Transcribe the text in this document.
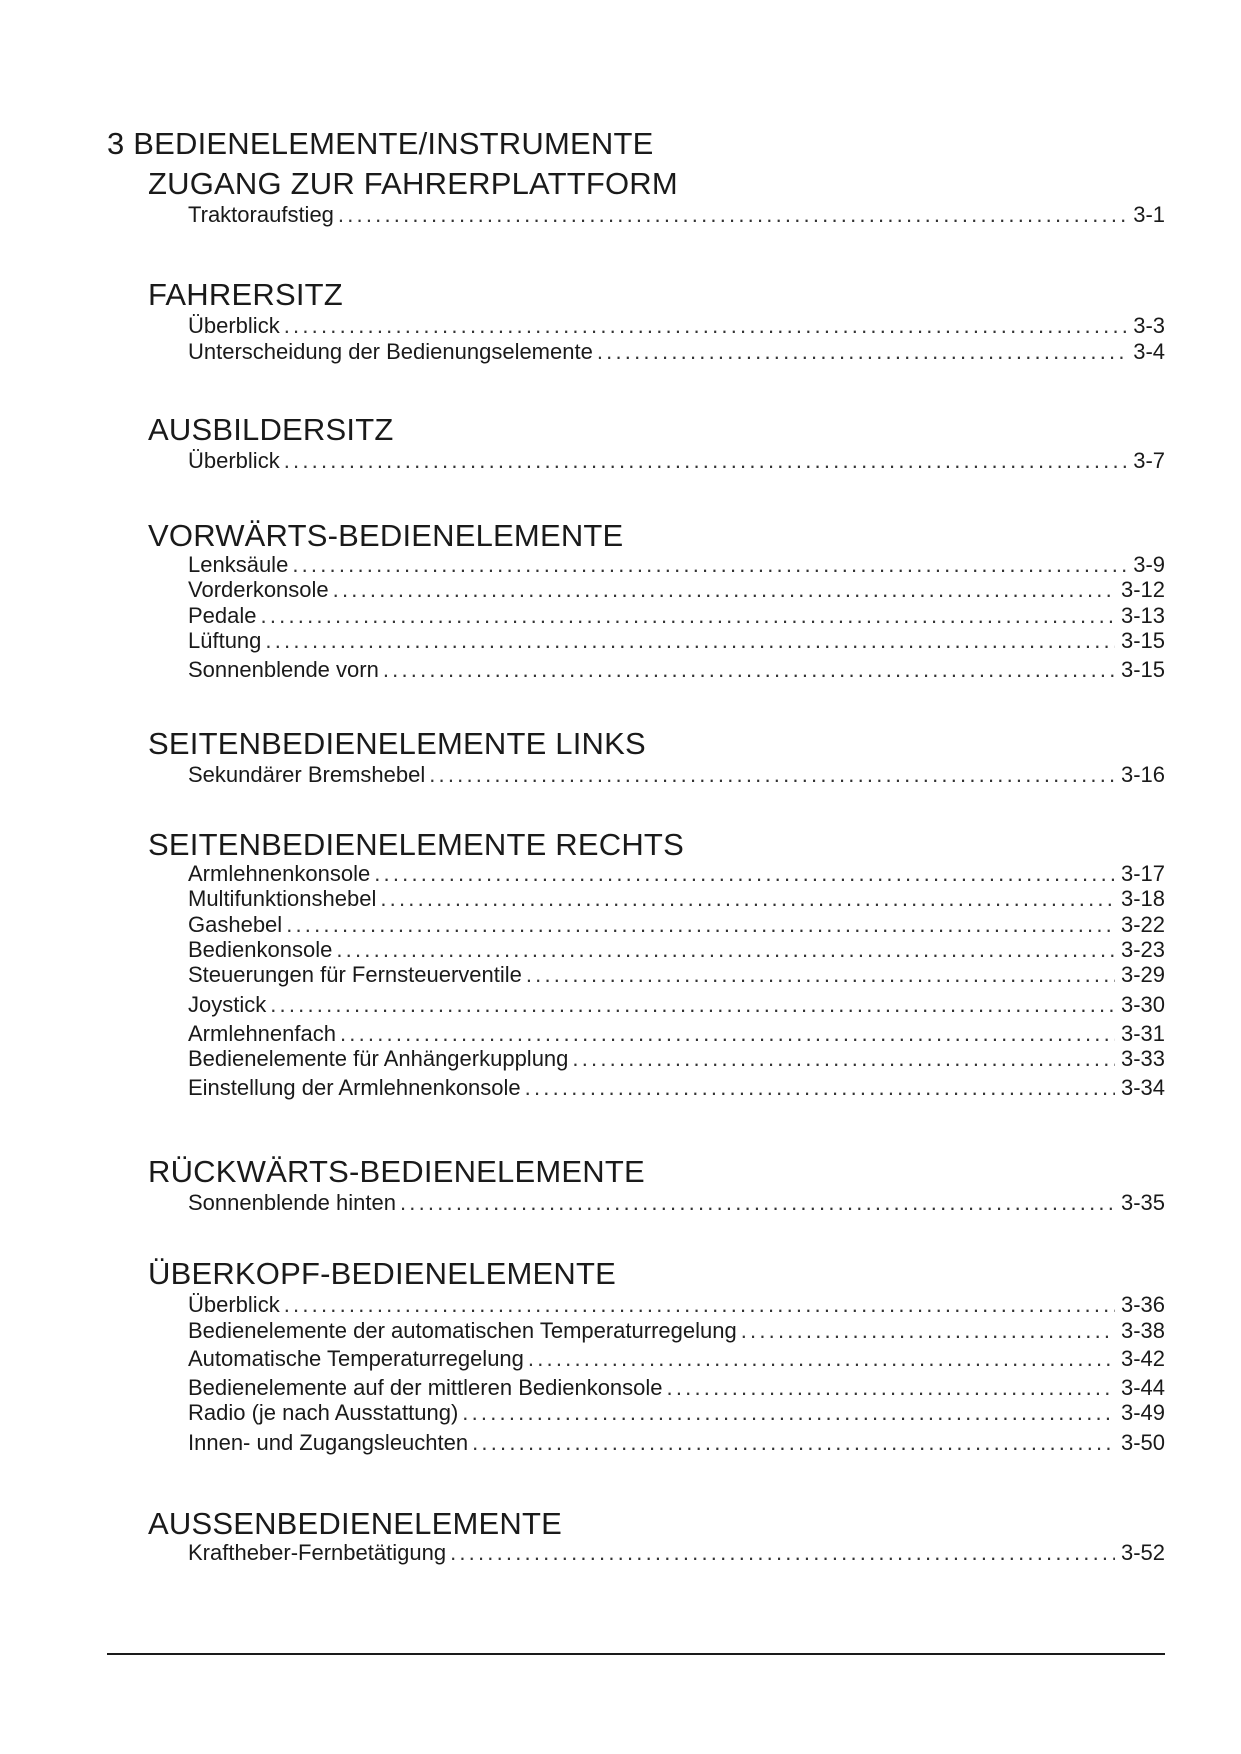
3 BEDIENELEMENTE/INSTRUMENTE
ZUGANG ZUR FAHRERPLATTFORM
Traktoraufstieg .....	3-1
FAHRERSITZ
Überblick .....	3-3
Unterscheidung der Bedienungselemente .....	3-4
AUSBILDERSITZ
Überblick .....	3-7
VORWÄRTS-BEDIENELEMENTE
Lenksäule .....	3-9
Vorderkonsole .....	3-12
Pedale .....	3-13
Lüftung .....	3-15
Sonnenblende vorn .....	3-15
SEITENBEDIENELEMENTE LINKS
Sekundärer Bremshebel .....	3-16
SEITENBEDIENELEMENTE RECHTS
Armlehnenkonsole .....	3-17
Multifunktionshebel .....	3-18
Gashebel .....	3-22
Bedienkonsole .....	3-23
Steuerungen für Fernsteuerventile .....	3-29
Joystick .....	3-30
Armlehnenfach .....	3-31
Bedienelemente für Anhängerkupplung .....	3-33
Einstellung der Armlehnenkonsole .....	3-34
RÜCKWÄRTS-BEDIENELEMENTE
Sonnenblende hinten .....	3-35
ÜBERKOPF-BEDIENELEMENTE
Überblick .....	3-36
Bedienelemente der automatischen Temperaturregelung .....	3-38
Automatische Temperaturregelung .....	3-42
Bedienelemente auf der mittleren Bedienkonsole .....	3-44
Radio (je nach Ausstattung) .....	3-49
Innen- und Zugangsleuchten .....	3-50
AUSSENBEDIENELEMENTE
Kraftheber-Fernbetätigung .....	3-52
